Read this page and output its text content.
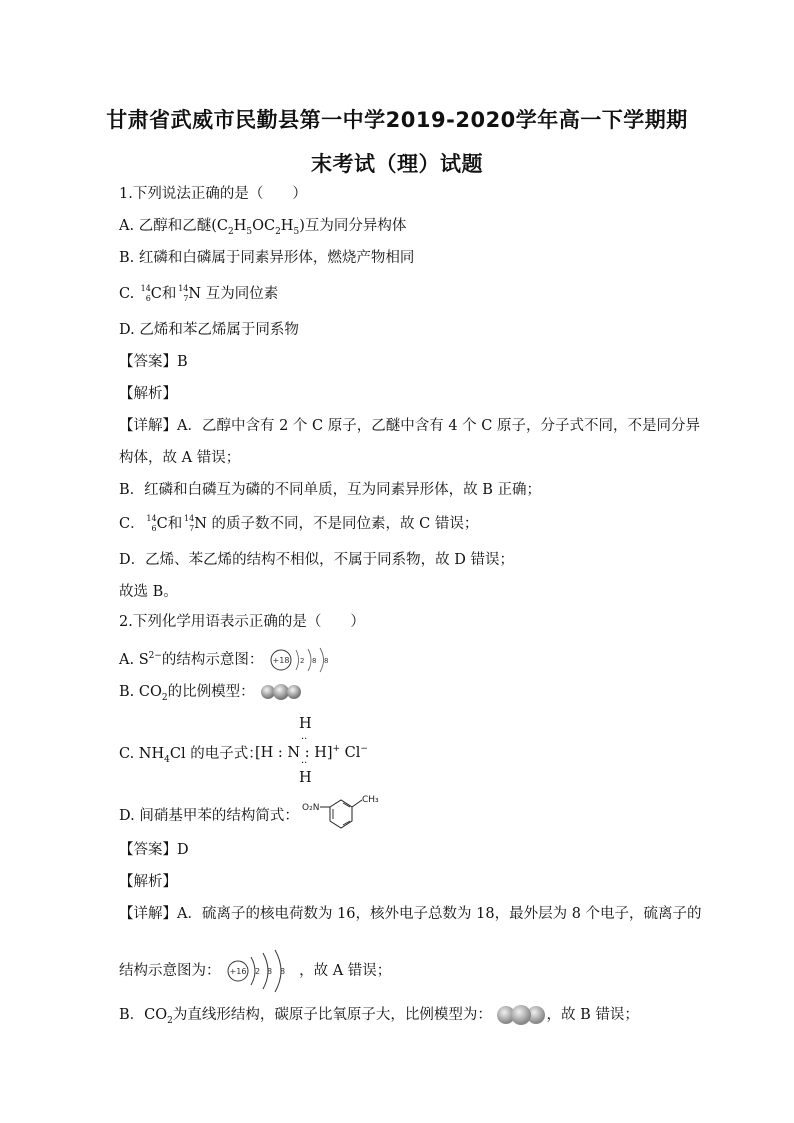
甘肃省武威市民勤县第一中学2019-2020学年高一下学期期
末考试（理）试题
1.下列说法正确的是（　　）
A. 乙醇和乙醚$(C_2H_5OC_2H_5)$互为同分异构体
B. 红磷和白磷属于同素异形体，燃烧产物相同
C. 14
6 C和 14
7 N 互为同位素
D. 乙烯和苯乙烯属于同系物
【答案】B
【解析】
【详解】A．乙醇中含有 2 个 C 原子，乙醚中含有 4 个 C 原子，分子式不同，不是同分异
构体，故 A 错误；
B．红磷和白磷互为磷的不同单质，互为同素异形体，故 B 正确；
C． 14
6 C和 14
7 N 的质子数不同，不是同位素，故 C 错误；
D．乙烯、苯乙烯的结构不相似，不属于同系物，故 D 错误；
故选 B。
2.下列化学用语表示正确的是（　　）
A. $S^{2-}$的结构示意图： +18 2 8 8
B. $CO_2$的比例模型：
C. $NH_4Cl$ 的电子式：
H
[H : N : H]+ Cl−
··
··
H
D. 间硝基甲苯的结构简式： O₂N
CH₃
【答案】D
【解析】
【详解】A．硫离子的核电荷数为 16，核外电子总数为 18，最外层为 8 个电子，硫离子的
结构示意图为： +16 2 8 8 ，故 A 错误；
B．$CO_2$为直线形结构，碳原子比氧原子大，比例模型为：	，故 B 错误；
